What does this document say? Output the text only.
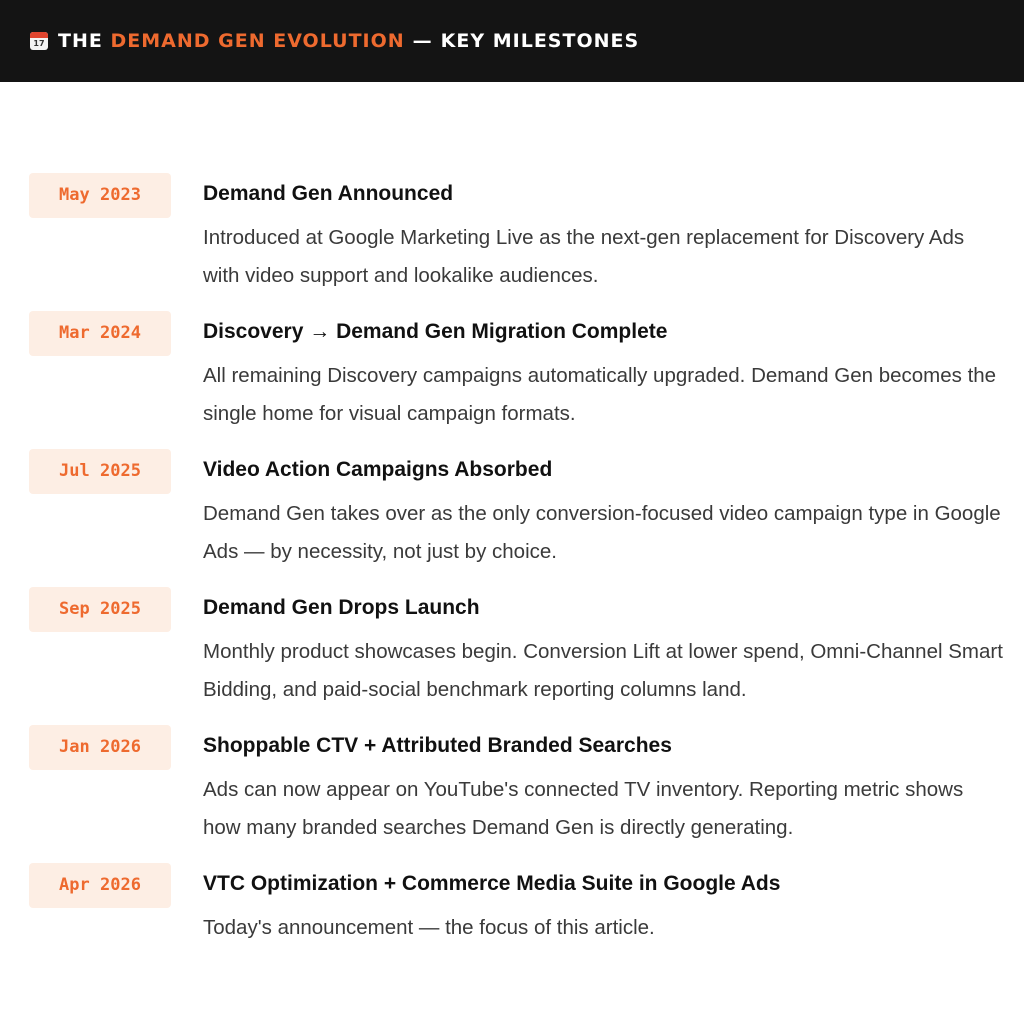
17 THE
DEMAND GEN EVOLUTION — KEY MILESTONES
May 2023	Demand Gen Announced
Introduced at Google Marketing Live as the next-gen replacement for Discovery Ads with video support and lookalike audiences.
Mar 2024	Discovery → Demand Gen Migration Complete
All remaining Discovery campaigns automatically upgraded. Demand Gen becomes the single home for visual campaign formats.
Jul 2025	Video Action Campaigns Absorbed
Demand Gen takes over as the only conversion-focused video campaign type in Google Ads — by necessity, not just by choice.
Sep 2025	Demand Gen Drops Launch
Monthly product showcases begin. Conversion Lift at lower spend, Omni-Channel Smart Bidding, and paid-social benchmark reporting columns land.
Jan 2026	Shoppable CTV + Attributed Branded Searches
Ads can now appear on YouTube's connected TV inventory. Reporting metric shows how many branded searches Demand Gen is directly generating.
Apr 2026	VTC Optimization + Commerce Media Suite in Google Ads
Today's announcement — the focus of this article.
